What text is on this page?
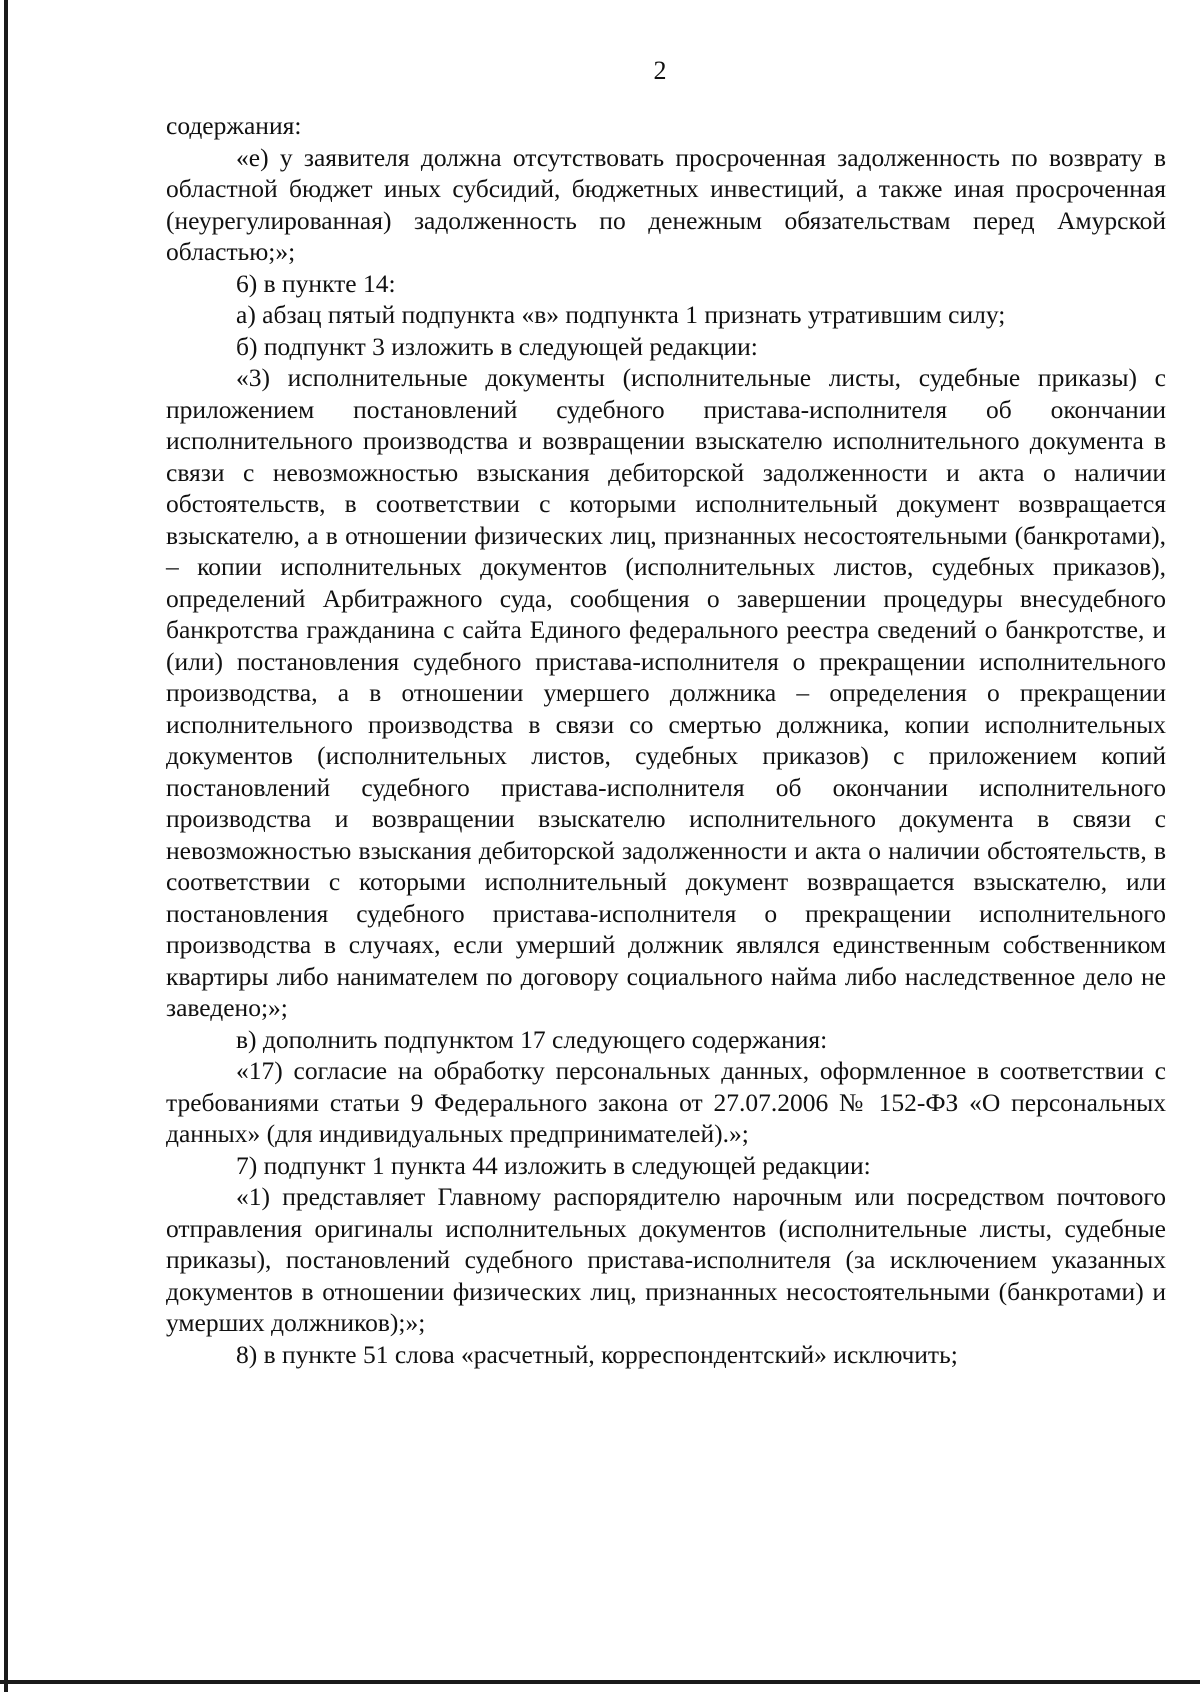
2

содержания:

«е) у заявителя должна отсутствовать просроченная задолженность по возврату в областной бюджет иных субсидий, бюджетных инвестиций, а также иная просроченная (неурегулированная) задолженность по денежным обязательствам перед Амурской областью;»;

6) в пункте 14:

а) абзац пятый подпункта «в» подпункта 1 признать утратившим силу;

б) подпункт 3 изложить в следующей редакции:

«3) исполнительные документы (исполнительные листы, судебные приказы) с приложением постановлений судебного пристава-исполнителя об окончании исполнительного производства и возвращении взыскателю исполнительного документа в связи с невозможностью взыскания дебиторской задолженности и акта о наличии обстоятельств, в соответствии с которыми исполнительный документ возвращается взыскателю, а в отношении физических лиц, признанных несостоятельными (банкротами), – копии исполнительных документов (исполнительных листов, судебных приказов), определений Арбитражного суда, сообщения о завершении процедуры внесудебного банкротства гражданина с сайта Единого федерального реестра сведений о банкротстве, и (или) постановления судебного пристава-исполнителя о прекращении исполнительного производства, а в отношении умершего должника – определения о прекращении исполнительного производства в связи со смертью должника, копии исполнительных документов (исполнительных листов, судебных приказов) с приложением копий постановлений судебного пристава-исполнителя об окончании исполнительного производства и возвращении взыскателю исполнительного документа в связи с невозможностью взыскания дебиторской задолженности и акта о наличии обстоятельств, в соответствии с которыми исполнительный документ возвращается взыскателю, или постановления судебного пристава-исполнителя о прекращении исполнительного производства в случаях, если умерший должник являлся единственным собственником квартиры либо нанимателем по договору социального найма либо наследственное дело не заведено;»;

в) дополнить подпунктом 17 следующего содержания:

«17) согласие на обработку персональных данных, оформленное в соответствии с требованиями статьи 9 Федерального закона от 27.07.2006 № 152-ФЗ «О персональных данных» (для индивидуальных предпринимателей).»;

7) подпункт 1 пункта 44 изложить в следующей редакции:

«1) представляет Главному распорядителю нарочным или посредством почтового отправления оригиналы исполнительных документов (исполнительные листы, судебные приказы), постановлений судебного пристава-исполнителя (за исключением указанных документов в отношении физических лиц, признанных несостоятельными (банкротами) и умерших должников);»;

8) в пункте 51 слова «расчетный, корреспондентский» исключить;
